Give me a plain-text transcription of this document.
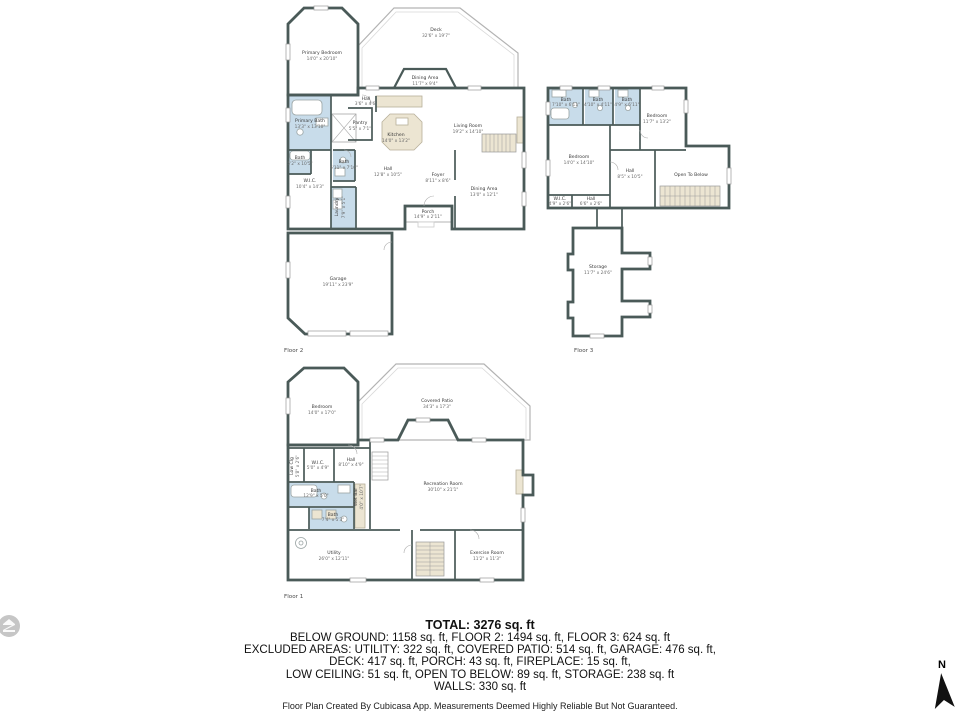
Primary Bedroom
14'0" x 20'10"
Deck
32'6" x 19'7"
Dining Area
11'7" x 9'4"
Hall
3'6" x 4'6"
Primary Bath
13'3" x 13'10"
Pantry
5'5" x 7'1"
Kitchen
14'0" x 13'2"
Living Room
19'2" x 14'10"
Bath
5'2" x 10'5"
W.I.C.
10'4" x 14'3"
Bath
6'11" x 7'10"	Hall
12'8" x 10'5"
Laundry 7'9" x 5'1"
Foyer
8'11" x 8'6"
Dining Area
13'0" x 12'1"
Porch
14'9" x 2'11"
Garage
19'11" x 23'9"
Floor 2
Bath
7'10" x 6'11"
Bath
4'10" x 4'11"
Bath
4'9" x 6'11"
Bedroom
11'7" x 13'2"
Bedroom
14'0" x 14'10"
Hall
8'5" x 10'5"	Open To Below
W.I.C.
4'9" x 2'6"
Hall
6'6" x 2'6"
Storage
11'7" x 24'6"
Floor 3
Bedroom
14'0" x 17'0"
Covered Patio
34'3" x 17'3"
W.I.C.
5'0" x 4'9"
Hall
8'10" x 4'9"
Bath
12'9" x 5'0"
Bath
7'4" x 5'3"
Wet Bar 4'0" x 10'7"
Low Clg 5'8" x 2'6"
Recreation Room
30'10" x 21'1"
Utility
26'0" x 12'11"
Exercise Room
11'2" x 11'3"
Floor 1
TOTAL: 3276 sq. ft
BELOW GROUND: 1158 sq. ft, FLOOR 2: 1494 sq. ft, FLOOR 3: 624 sq. ft
EXCLUDED AREAS: UTILITY: 322 sq. ft, COVERED PATIO: 514 sq. ft, GARAGE: 476 sq. ft,
DECK: 417 sq. ft, PORCH: 43 sq. ft, FIREPLACE: 15 sq. ft,
LOW CEILING: 51 sq. ft, OPEN TO BELOW: 89 sq. ft, STORAGE: 238 sq. ft
WALLS: 330 sq. ft
Floor Plan Created By Cubicasa App. Measurements Deemed Highly Reliable But Not Guaranteed.
N
